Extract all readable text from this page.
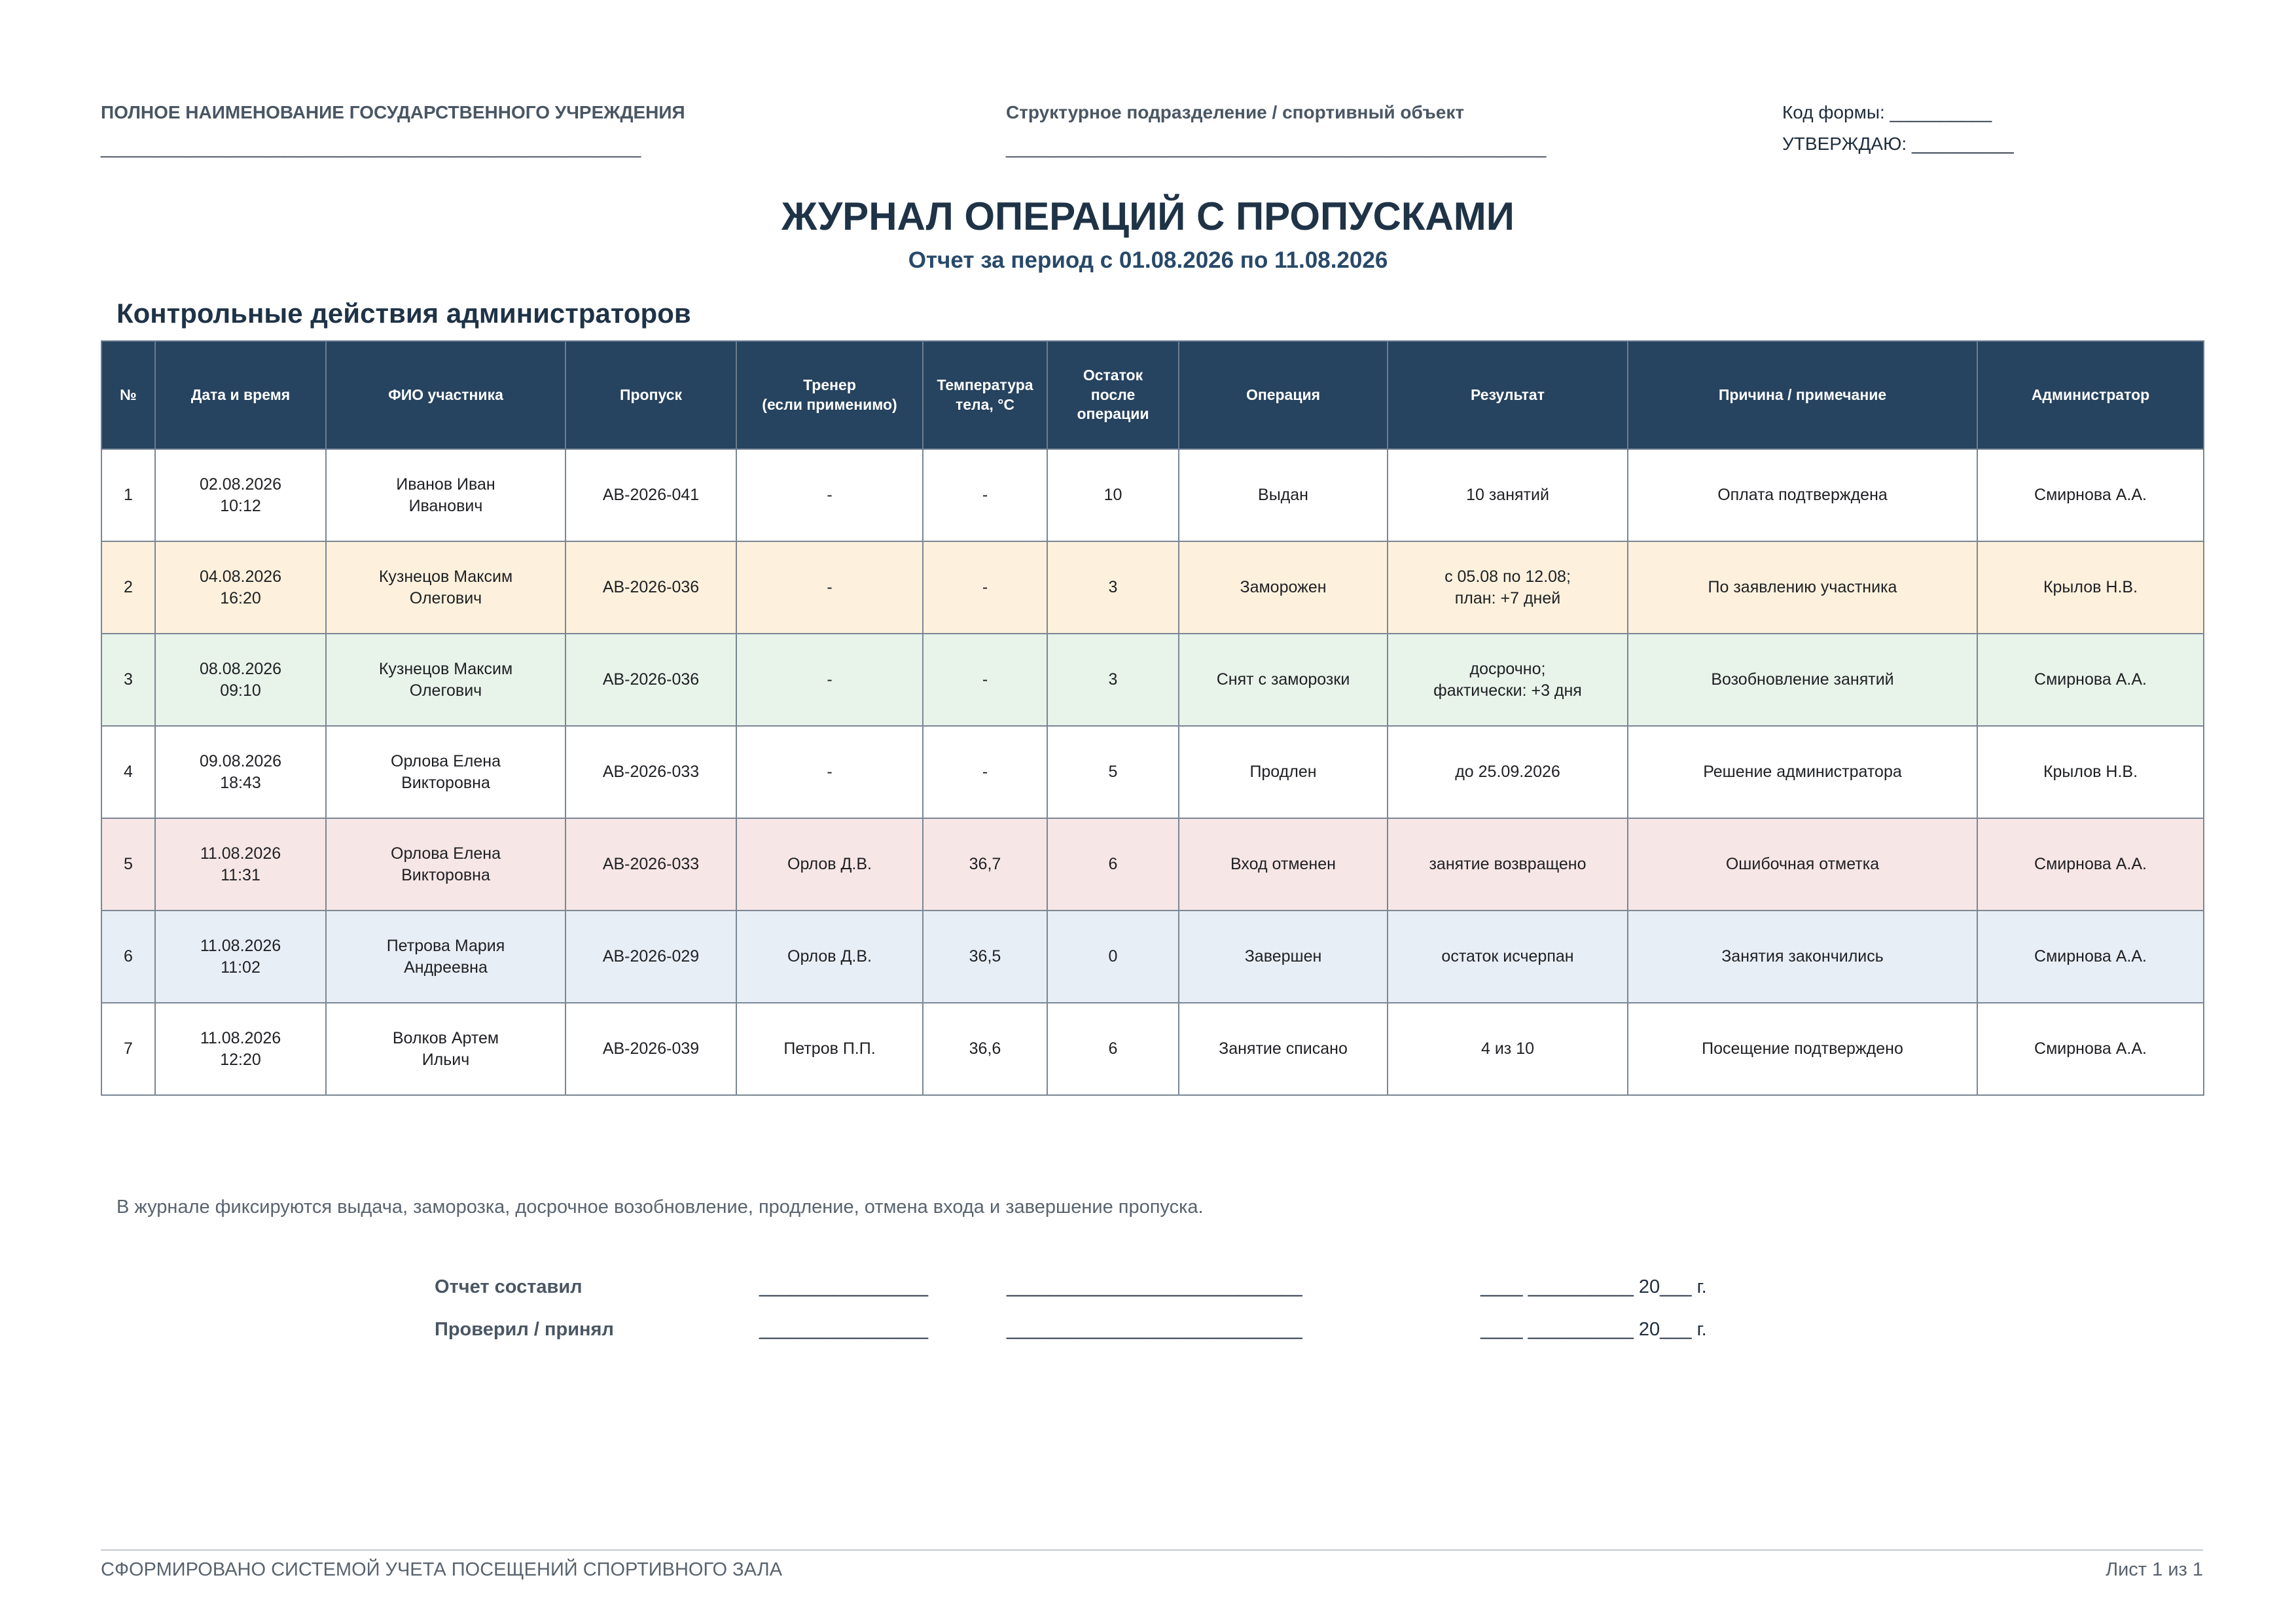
ПОЛНОЕ НАИМЕНОВАНИЕ ГОСУДАРСТВЕННОГО УЧРЕЖДЕНИЯ
_____________________________________________________
Структурное подразделение / спортивный объект
_____________________________________________________
Код формы: __________
УТВЕРЖДАЮ: __________
ЖУРНАЛ ОПЕРАЦИЙ С ПРОПУСКАМИ
Отчет за период с 01.08.2026 по 11.08.2026
Контрольные действия администраторов
№	Дата и время	ФИО участника	Пропуск	Тренер
(если применимо)	Температура
тела, °С	Остаток
после
операции	Операция	Результат	Причина / примечание	Администратор
1	02.08.2026
10:12	Иванов Иван
Иванович	АВ-2026-041	-	-	10	Выдан	10 занятий	Оплата подтверждена	Смирнова А.А.
2	04.08.2026
16:20	Кузнецов Максим
Олегович	АВ-2026-036	-	-	3	Заморожен	с 05.08 по 12.08;
план: +7 дней	По заявлению участника	Крылов Н.В.
3	08.08.2026
09:10	Кузнецов Максим
Олегович	АВ-2026-036	-	-	3	Снят с заморозки	досрочно;
фактически: +3 дня	Возобновление занятий	Смирнова А.А.
4	09.08.2026
18:43	Орлова Елена
Викторовна	АВ-2026-033	-	-	5	Продлен	до 25.09.2026	Решение администратора	Крылов Н.В.
5	11.08.2026
11:31	Орлова Елена
Викторовна	АВ-2026-033	Орлов Д.В.	36,7	6	Вход отменен	занятие возвращено	Ошибочная отметка	Смирнова А.А.
6	11.08.2026
11:02	Петрова Мария
Андреевна	АВ-2026-029	Орлов Д.В.	36,5	0	Завершен	остаток исчерпан	Занятия закончились	Смирнова А.А.
7	11.08.2026
12:20	Волков Артем
Ильич	АВ-2026-039	Петров П.П.	36,6	6	Занятие списано	4 из 10	Посещение подтверждено	Смирнова А.А.
В журнале фиксируются выдача, заморозка, досрочное возобновление, продление, отмена входа и завершение пропуска.
Отчет составил	________________	____________________________	____ __________ 20___ г.
Проверил / принял	________________	____________________________	____ __________ 20___ г.
СФОРМИРОВАНО СИСТЕМОЙ УЧЕТА ПОСЕЩЕНИЙ СПОРТИВНОГО ЗАЛА	Лист 1 из 1
